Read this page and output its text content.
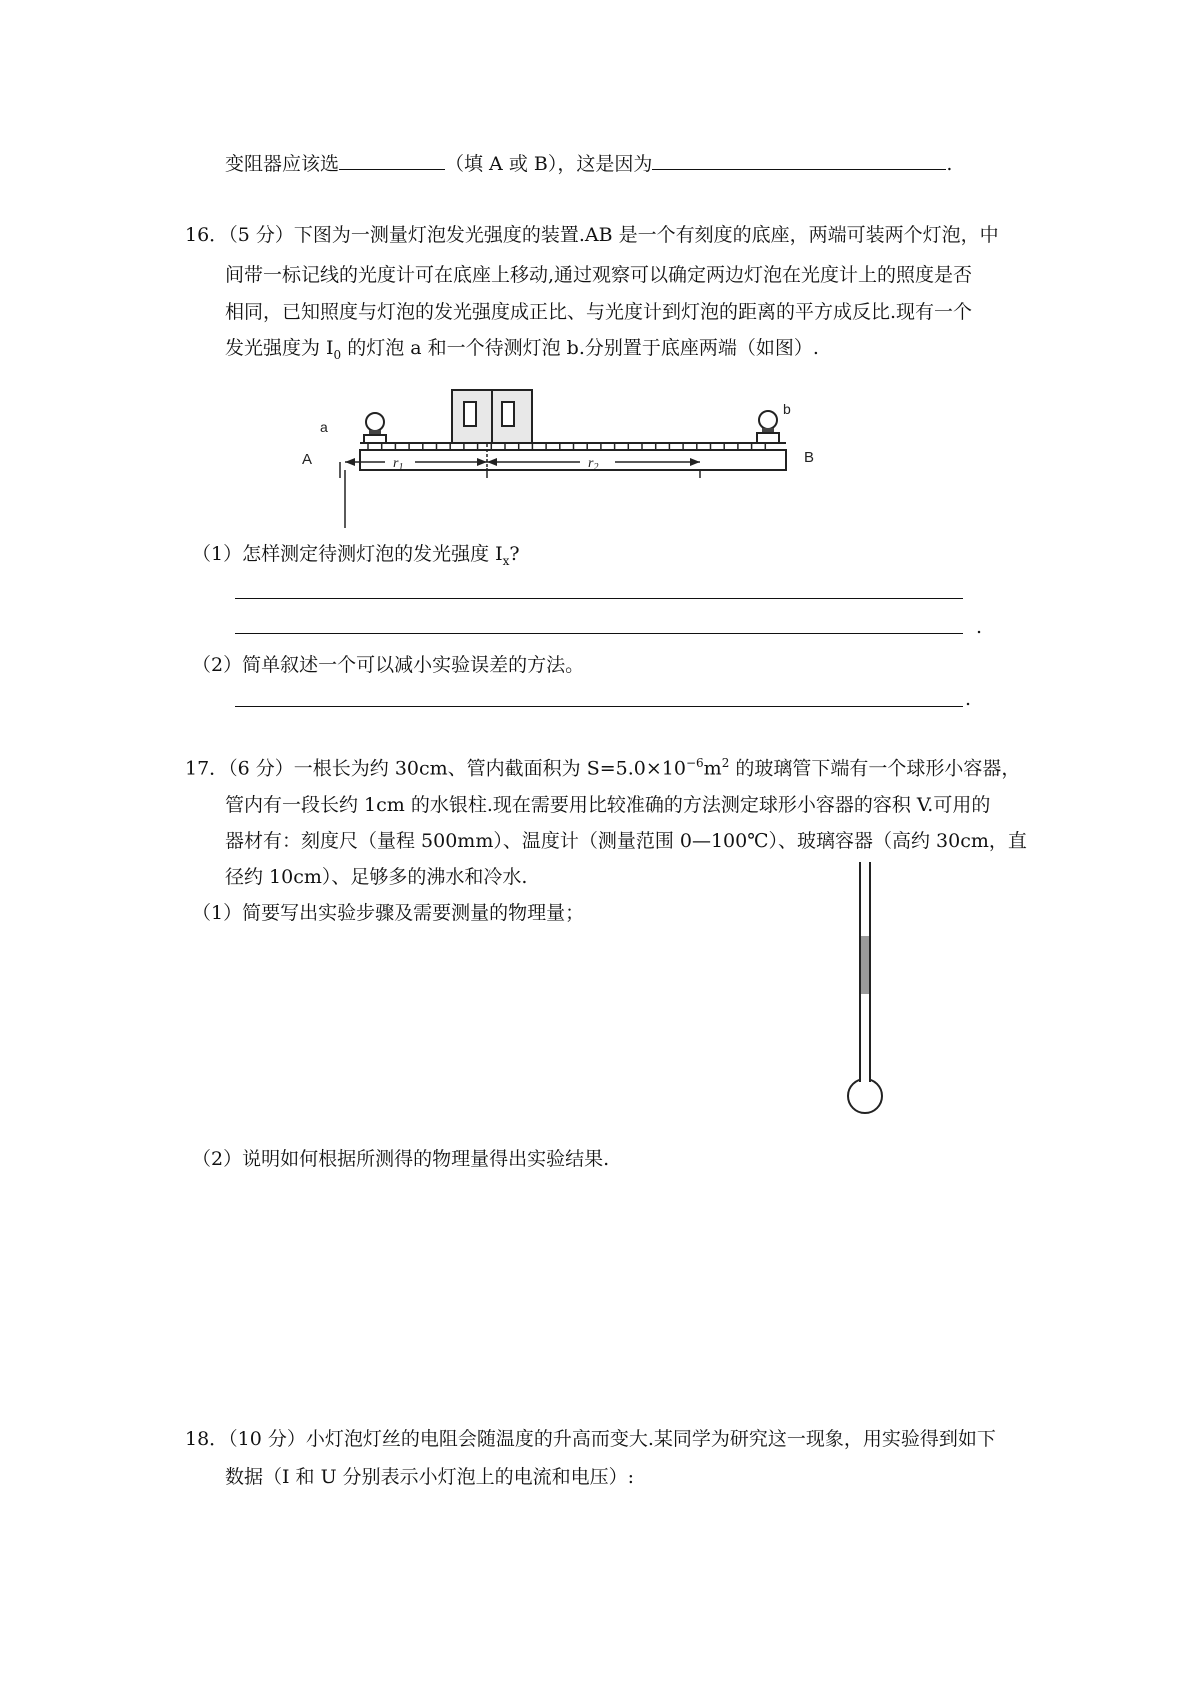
变阻器应该选	（填 A 或 B），这是因为	.
16．（5 分）下图为一测量灯泡发光强度的装置.AB 是一个有刻度的底座，两端可装两个灯泡，中
间带一标记线的光度计可在底座上移动,通过观察可以确定两边灯泡在光度计上的照度是否
相同，已知照度与灯泡的发光强度成正比、与光度计到灯泡的距离的平方成反比.现有一个
发光强度为 $I_0$ 的灯泡 a 和一个待测灯泡 b.分别置于底座两端（如图）.
a
b
A	B
$r_1$	$r_2$
（1）怎样测定待测灯泡的发光强度 $I_x$?
.
（2）简单叙述一个可以减小实验误差的方法。
.
17．（6 分）一根长为约 30cm、管内截面积为 $S=5.0\times 10^{-6}m^2$ 的玻璃管下端有一个球形小容器，
管内有一段长约 1cm 的水银柱.现在需要用比较准确的方法测定球形小容器的容积 V.可用的
器材有：刻度尺（量程 500mm）、温度计（测量范围 0—100℃）、玻璃容器（高约 30cm，直
径约 10cm）、足够多的沸水和冷水.
（1）简要写出实验步骤及需要测量的物理量；
（2）说明如何根据所测得的物理量得出实验结果.
18．（10 分）小灯泡灯丝的电阻会随温度的升高而变大.某同学为研究这一现象，用实验得到如下
数据（I 和 U 分别表示小灯泡上的电流和电压）:
